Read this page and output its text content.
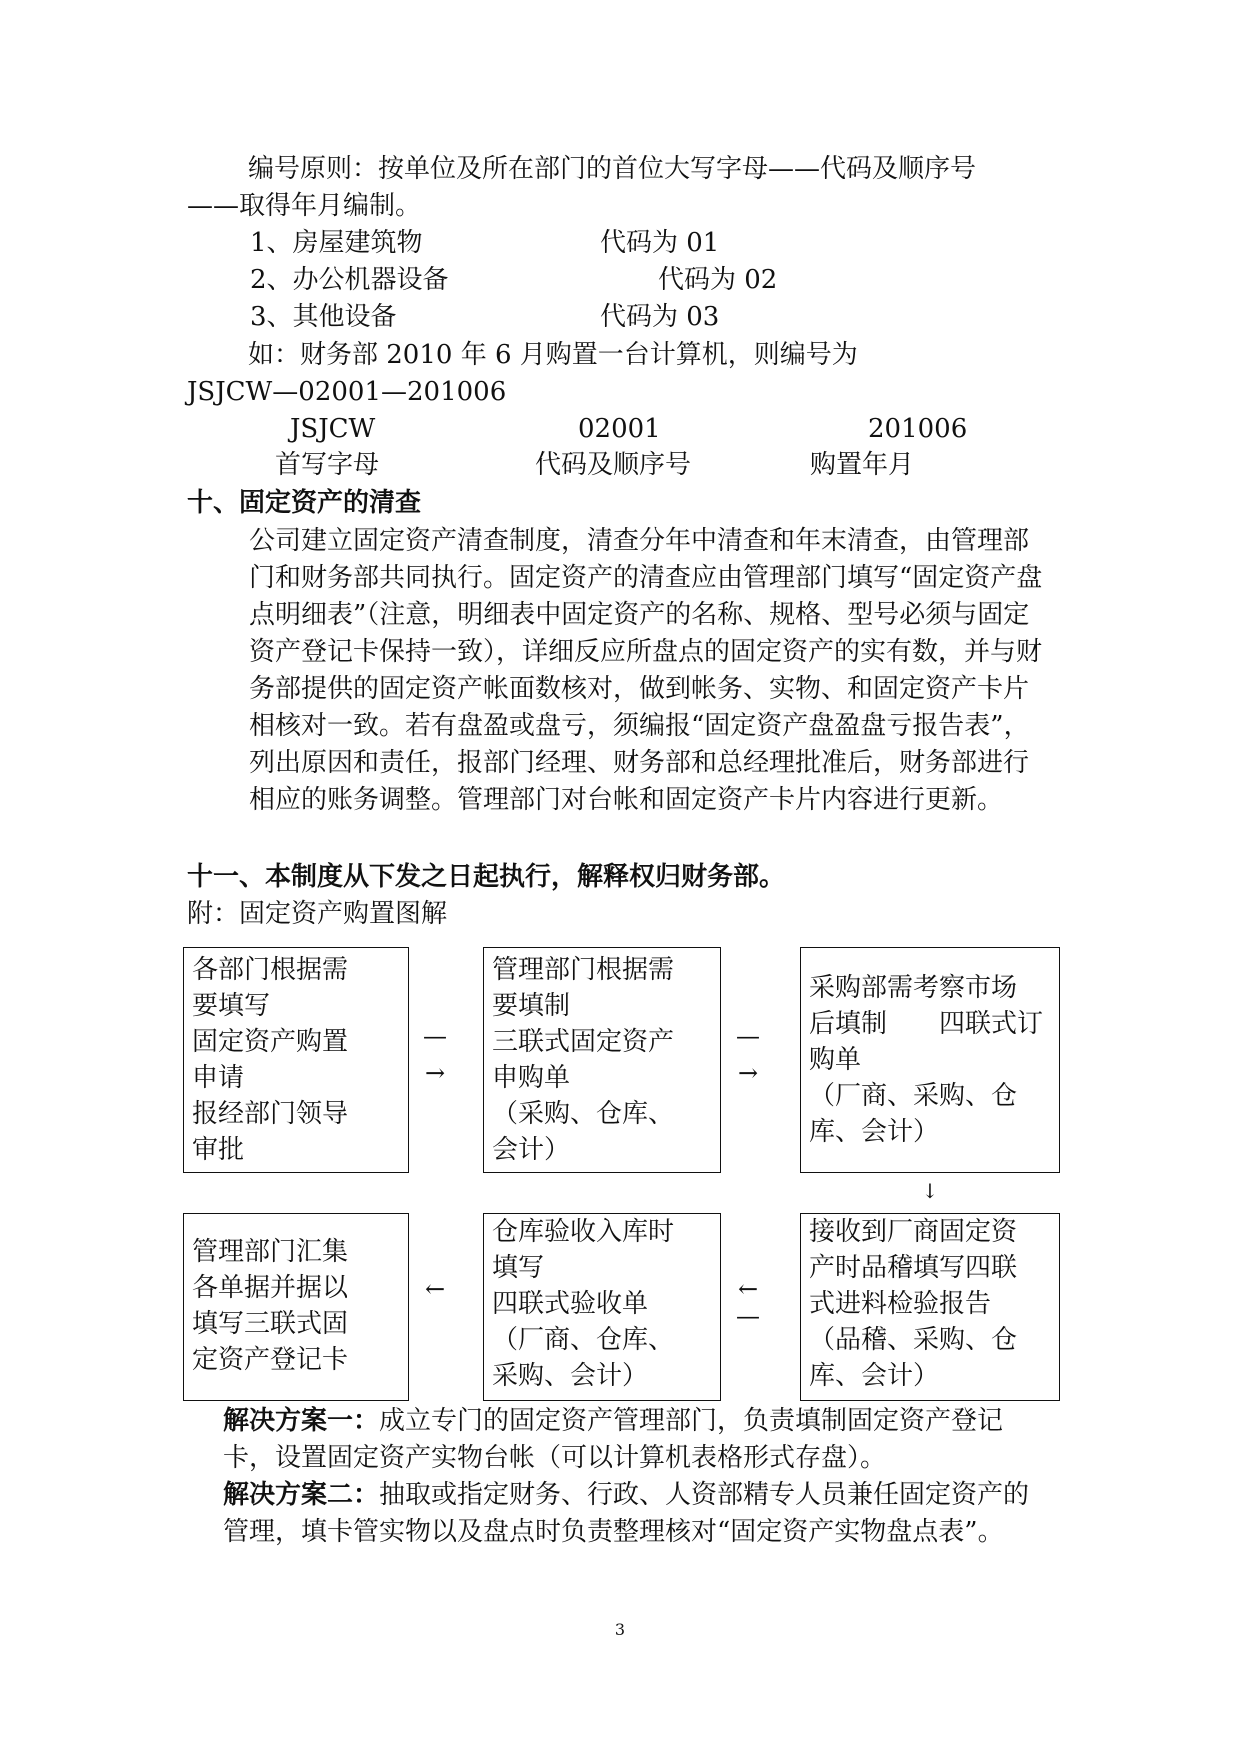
编号原则：按单位及所在部门的首位大写字母——代码及顺序号
——取得年月编制。
1、房屋建筑物	代码为 01
2、办公机器设备	代码为 02
3、其他设备	代码为 03
如：财务部 2010 年 6 月购置一台计算机，则编号为
JSJCW—02001—201006
JSJCW	02001	201006
首写字母	代码及顺序号	购置年月
十、固定资产的清查
公司建立固定资产清查制度，清查分年中清查和年末清查，由管理部门和财务部共同执行。固定资产的清查应由管理部门填写“固定资产盘点明细表”（注意，明细表中固定资产的名称、规格、型号必须与固定资产登记卡保持一致），详细反应所盘点的固定资产的实有数，并与财务部提供的固定资产帐面数核对，做到帐务、实物、和固定资产卡片相核对一致。若有盘盈或盘亏，须编报“固定资产盘盈盘亏报告表”，列出原因和责任，报部门经理、财务部和总经理批准后，财务部进行相应的账务调整。管理部门对台帐和固定资产卡片内容进行更新。
十一、本制度从下发之日起执行，解释权归财务部。
附：固定资产购置图解
各部门根据需
要填写
固定资产购置
申请
报经部门领导
审批
—
→
管理部门根据需
要填制
三联式固定资产
申购单
（采购、仓库、
会计）
—
→
采购部需考察市场
后填制　　四联式订
购单
（厂商、采购、仓
库、会计）
↓
管理部门汇集
各单据并据以
填写三联式固
定资产登记卡
←
仓库验收入库时
填写
四联式验收单
（厂商、仓库、
采购、会计）
←
—
接收到厂商固定资
产时品稽填写四联
式进料检验报告
（品稽、采购、仓
库、会计）
解决方案一：成立专门的固定资产管理部门，负责填制固定资产登记卡，设置固定资产实物台帐（可以计算机表格形式存盘）。
解决方案二：抽取或指定财务、行政、人资部精专人员兼任固定资产的管理，填卡管实物以及盘点时负责整理核对“固定资产实物盘点表”。
3
